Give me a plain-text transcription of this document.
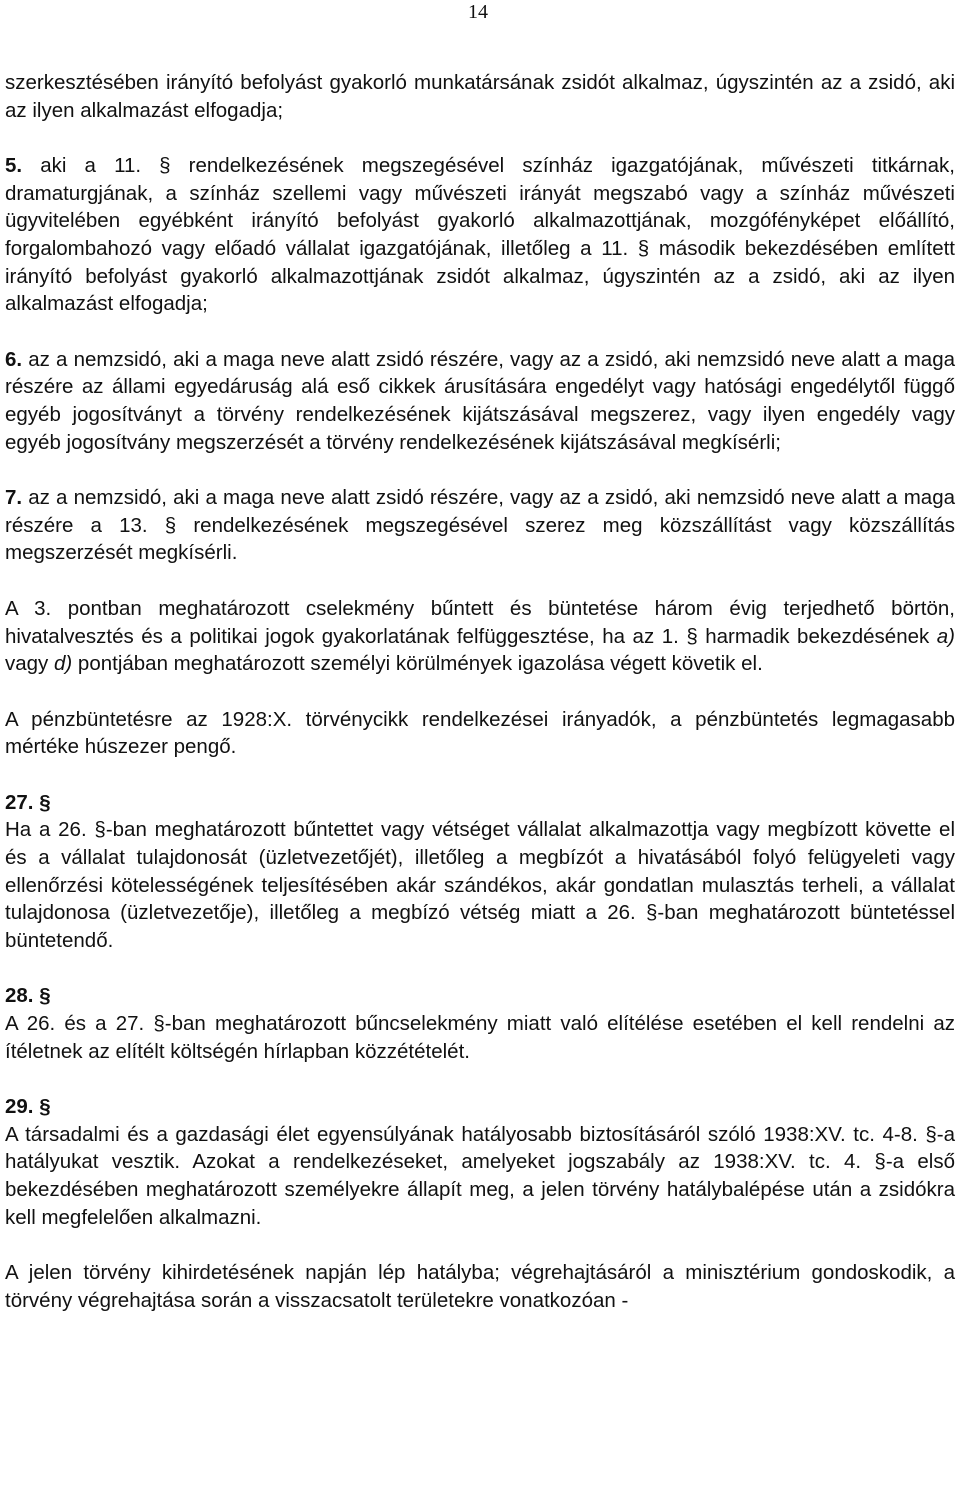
14

szerkesztésében irányító befolyást gyakorló munkatársának zsidót alkalmaz, úgyszintén az a zsidó, aki az ilyen alkalmazást elfogadja;

5. aki a 11. § rendelkezésének megszegésével színház igazgatójának, művészeti titkárnak, dramaturgjának, a színház szellemi vagy művészeti irányát megszabó vagy a színház művészeti ügyvitelében egyébként irányító befolyást gyakorló alkalmazottjának, mozgófényképet előállító, forgalombahozó vagy előadó vállalat igazgatójának, illetőleg a 11. § második bekezdésében említett irányító befolyást gyakorló alkalmazottjának zsidót alkalmaz, úgyszintén az a zsidó, aki az ilyen alkalmazást elfogadja;

6. az a nemzsidó, aki a maga neve alatt zsidó részére, vagy az a zsidó, aki nemzsidó neve alatt a maga részére az állami egyedáruság alá eső cikkek árusítására engedélyt vagy hatósági engedélytől függő egyéb jogosítványt a törvény rendelkezésének kijátszásával megszerez, vagy ilyen engedély vagy egyéb jogosítvány megszerzését a törvény rendelkezésének kijátszásával megkísérli;

7. az a nemzsidó, aki a maga neve alatt zsidó részére, vagy az a zsidó, aki nemzsidó neve alatt a maga részére a 13. § rendelkezésének megszegésével szerez meg közszállítást vagy közszállítás megszerzését megkísérli.

A 3. pontban meghatározott cselekmény bűntett és büntetése három évig terjedhető börtön, hivatalvesztés és a politikai jogok gyakorlatának felfüggesztése, ha az 1. § harmadik bekezdésének a) vagy d) pontjában meghatározott személyi körülmények igazolása végett követik el.

A pénzbüntetésre az 1928:X. törvénycikk rendelkezései irányadók, a pénzbüntetés legmagasabb mértéke húszezer pengő.

27. §

Ha a 26. §-ban meghatározott bűntettet vagy vétséget vállalat alkalmazottja vagy megbízott követte el és a vállalat tulajdonosát (üzletvezetőjét), illetőleg a megbízót a hivatásából folyó felügyeleti vagy ellenőrzési kötelességének teljesítésében akár szándékos, akár gondatlan mulasztás terheli, a vállalat tulajdonosa (üzletvezetője), illetőleg a megbízó vétség miatt a 26. §-ban meghatározott büntetéssel büntetendő.

28. §

A 26. és a 27. §-ban meghatározott bűncselekmény miatt való elítélése esetében el kell rendelni az ítéletnek az elítélt költségén hírlapban közzétételét.

29. §

A társadalmi és a gazdasági élet egyensúlyának hatályosabb biztosításáról szóló 1938:XV. tc. 4-8. §-a hatályukat vesztik. Azokat a rendelkezéseket, amelyeket jogszabály az 1938:XV. tc. 4. §-a első bekezdésében meghatározott személyekre állapít meg, a jelen törvény hatálybalépése után a zsidókra kell megfelelően alkalmazni.

A jelen törvény kihirdetésének napján lép hatályba; végrehajtásáról a minisztérium gondoskodik, a törvény végrehajtása során a visszacsatolt területekre vonatkozóan -
